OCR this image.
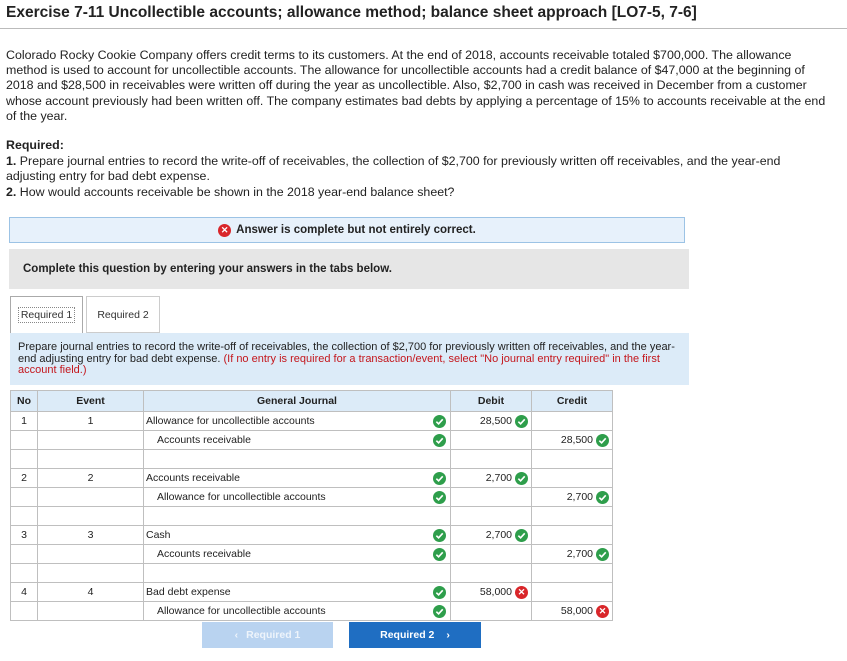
Exercise 7-11 Uncollectible accounts; allowance method; balance sheet approach [LO7-5, 7-6]
Colorado Rocky Cookie Company offers credit terms to its customers. At the end of 2018, accounts receivable totaled $700,000. The allowance method is used to account for uncollectible accounts. The allowance for uncollectible accounts had a credit balance of $47,000 at the beginning of 2018 and $28,500 in receivables were written off during the year as uncollectible. Also, $2,700 in cash was received in December from a customer whose account previously had been written off. The company estimates bad debts by applying a percentage of 15% to accounts receivable at the end of the year.
Required:
1. Prepare journal entries to record the write-off of receivables, the collection of $2,700 for previously written off receivables, and the year-end adjusting entry for bad debt expense.
2. How would accounts receivable be shown in the 2018 year-end balance sheet?
✕ Answer is complete but not entirely correct.
Complete this question by entering your answers in the tabs below.
Required 1 Required 2
Prepare journal entries to record the write-off of receivables, the collection of $2,700 for previously written off receivables, and the year-end adjusting entry for bad debt expense. (If no entry is required for a transaction/event, select "No journal entry required" in the first account field.)
No	Event	General Journal	Debit	Credit

1	1	Allowance for uncollectible accounts	28,500	

		Accounts receivable		28,500

2	2	Accounts receivable	2,700	

		Allowance for uncollectible accounts		2,700

3	3	Cash	2,700	

		Accounts receivable		2,700

4	4	Bad debt expense	58,000 ✕	

		Allowance for uncollectible accounts		58,000 ✕
‹ Required 1	Required 2 ›
